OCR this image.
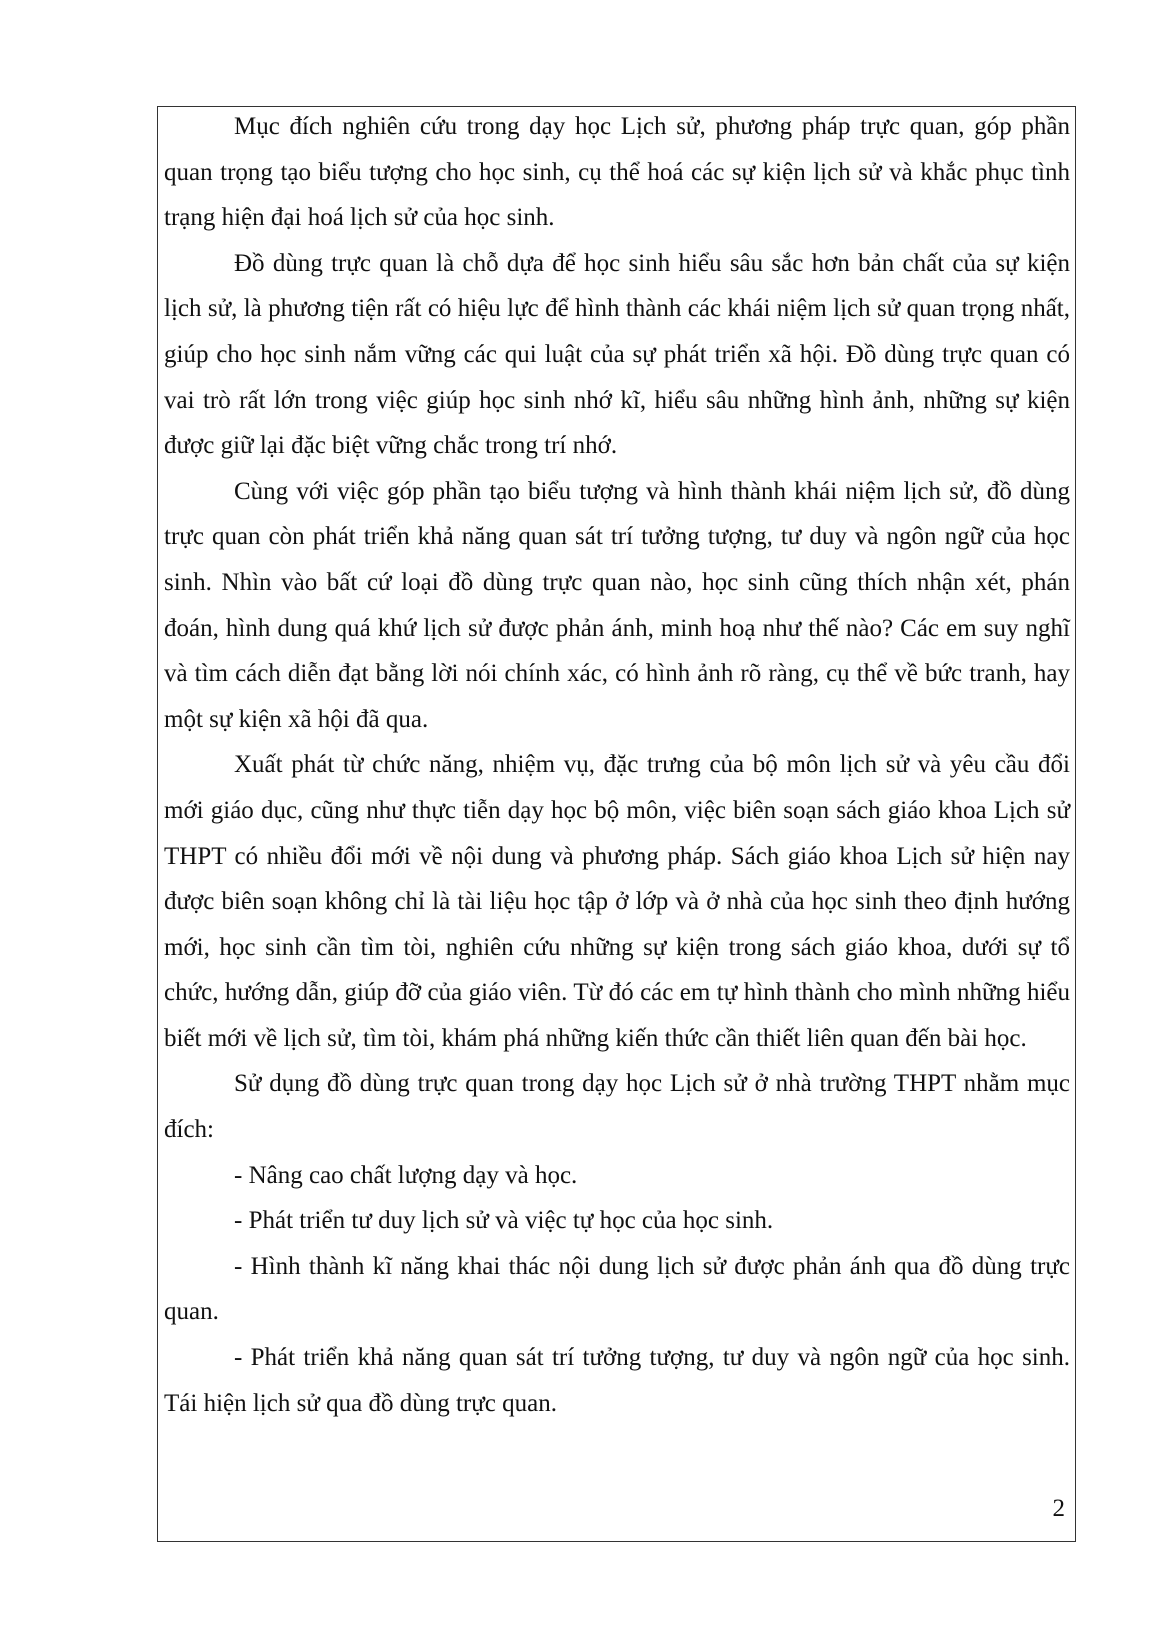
Mục đích nghiên cứu trong dạy học Lịch sử, phương pháp trực quan, góp phần quan trọng tạo biểu tượng cho học sinh, cụ thể hoá các sự kiện lịch sử và khắc phục tình trạng hiện đại hoá lịch sử của học sinh.

Đồ dùng trực quan là chỗ dựa để học sinh hiểu sâu sắc hơn bản chất của sự kiện lịch sử, là phương tiện rất có hiệu lực để hình thành các khái niệm lịch sử quan trọng nhất, giúp cho học sinh nắm vững các qui luật của sự phát triển xã hội. Đồ dùng trực quan có vai trò rất lớn trong việc giúp học sinh nhớ kĩ, hiểu sâu những hình ảnh, những sự kiện được giữ lại đặc biệt vững chắc trong trí nhớ.

Cùng với việc góp phần tạo biểu tượng và hình thành khái niệm lịch sử, đồ dùng trực quan còn phát triển khả năng quan sát trí tưởng tượng, tư duy và ngôn ngữ của học sinh. Nhìn vào bất cứ loại đồ dùng trực quan nào, học sinh cũng thích nhận xét, phán đoán, hình dung quá khứ lịch sử được phản ánh, minh hoạ như thế nào? Các em suy nghĩ và tìm cách diễn đạt bằng lời nói chính xác, có hình ảnh rõ ràng, cụ thể về bức tranh, hay một sự kiện xã hội đã qua.

Xuất phát từ chức năng, nhiệm vụ, đặc trưng của bộ môn lịch sử và yêu cầu đổi mới giáo dục, cũng như thực tiễn dạy học bộ môn, việc biên soạn sách giáo khoa Lịch sử THPT có nhiều đổi mới về nội dung và phương pháp. Sách giáo khoa Lịch sử hiện nay được biên soạn không chỉ là tài liệu học tập ở lớp và ở nhà của học sinh theo định hướng mới, học sinh cần tìm tòi, nghiên cứu những sự kiện trong sách giáo khoa, dưới sự tổ chức, hướng dẫn, giúp đỡ của giáo viên. Từ đó các em tự hình thành cho mình những hiểu biết mới về lịch sử, tìm tòi, khám phá những kiến thức cần thiết liên quan đến bài học.

Sử dụng đồ dùng trực quan trong dạy học Lịch sử ở nhà trường THPT nhằm mục đích:

- Nâng cao chất lượng dạy và học.

- Phát triển tư duy lịch sử và việc tự học của học sinh.

- Hình thành kĩ năng khai thác nội dung lịch sử được phản ánh qua đồ dùng trực quan.

- Phát triển khả năng quan sát trí tưởng tượng, tư duy và ngôn ngữ của học sinh. Tái hiện lịch sử qua đồ dùng trực quan.

2
